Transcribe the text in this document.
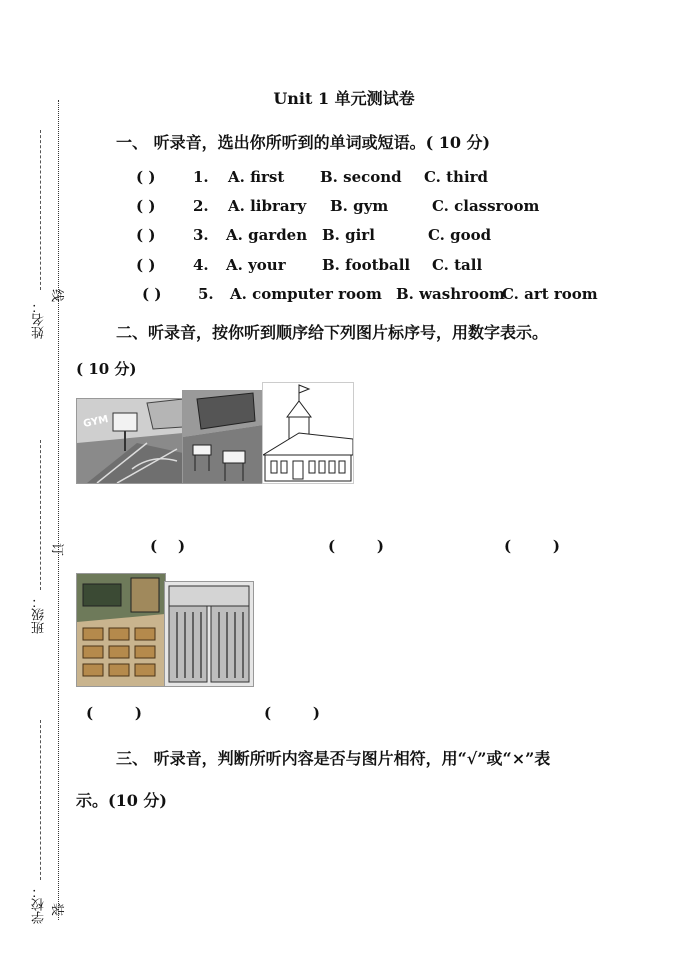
姓名：
线
班级：
订
学校： 装
Unit 1 单元测试卷
一、 听录音，选出你所听到的单词或短语。( 10 分)
( )	1. A. first B. second C. third
( )	2. A. library B. gym	C. classroom
( )	3. A. garden B. girl	C. good
( )	4. A. your B. football C. tall
( ) 5. A. computer room B. washroom
C. art room
二、听录音，按你听到顺序给下列图片标序号，用数字表示。
( 10 分)
GYM
(    )	(        )	(        )
(        )	(        )
三、 听录音，判断所听内容是否与图片相符，用“√”或“×”表
示。(10 分)
